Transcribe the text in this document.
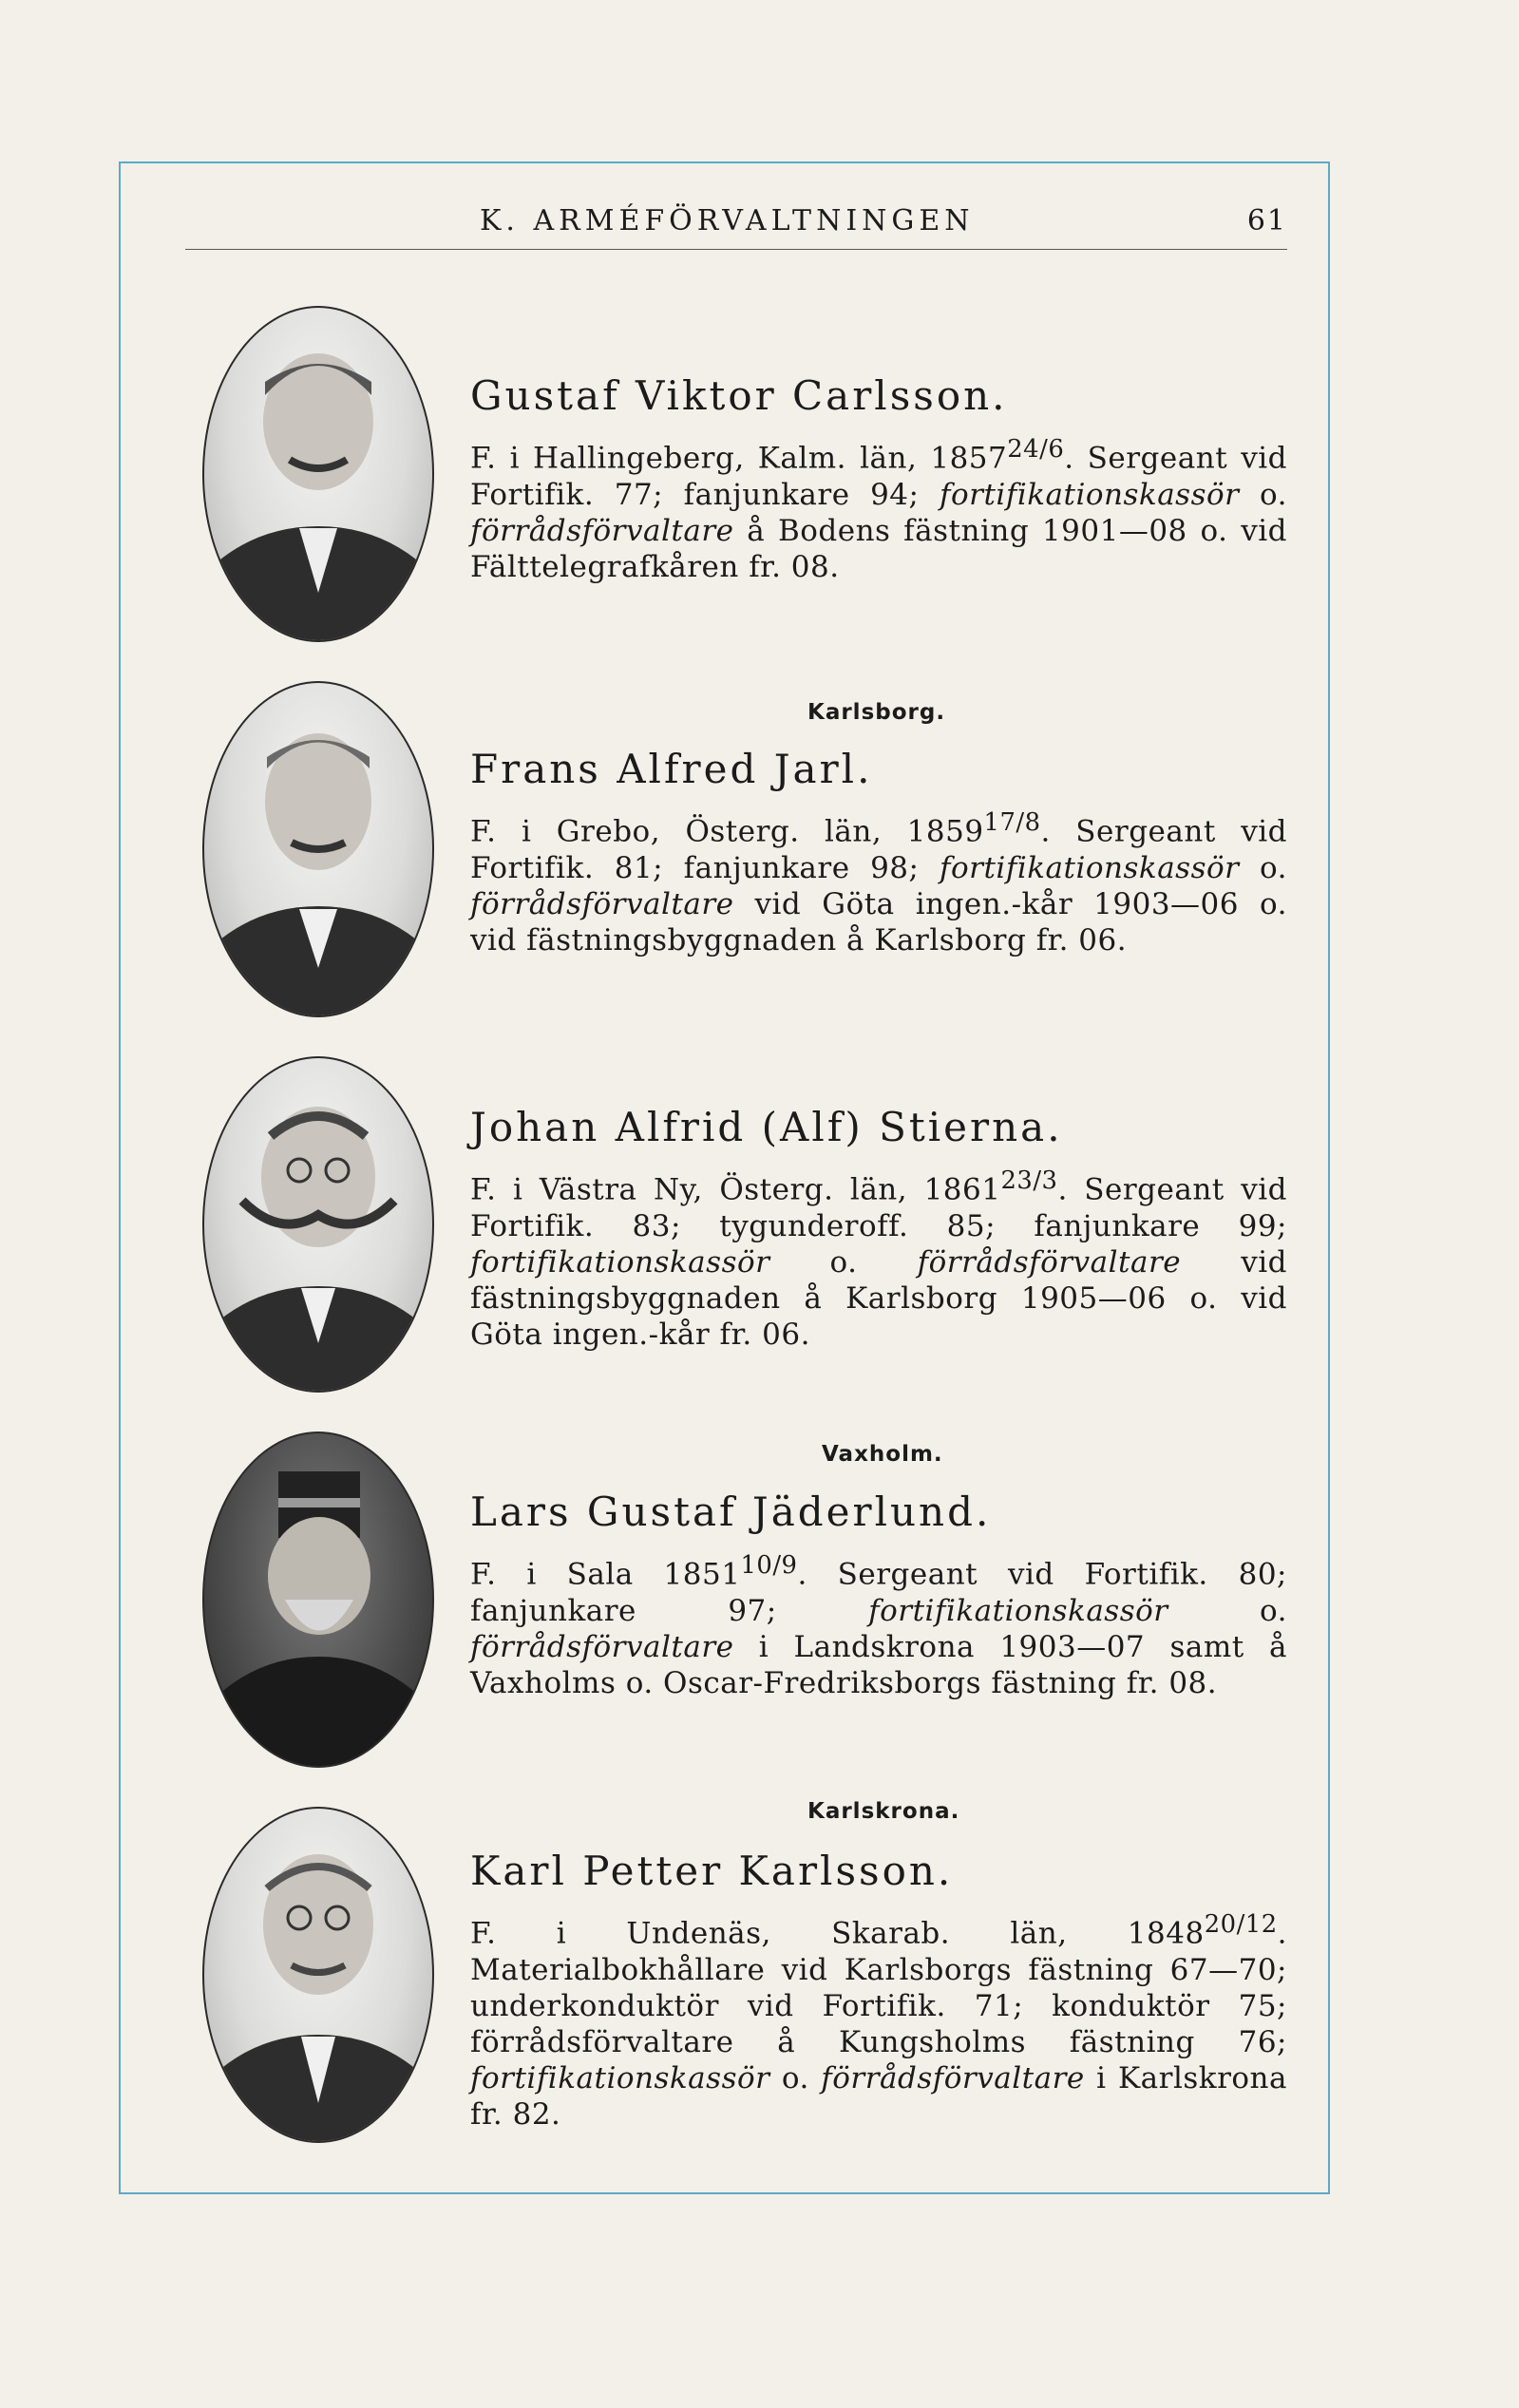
K. ARMÉFÖRVALTNINGEN	61
Karlsborg.
Vaxholm.
Karlskrona.
Gustaf Viktor Carlsson.
F. i Hallingeberg, Kalm. län, $1857^{24/6}$. Sergeant vid Fortifik. 77; fanjunkare 94; fortifikationskassör o. förrådsförvaltare å Bodens fästning 1901—08 o. vid Fälttelegrafkåren fr. 08.
Frans Alfred Jarl.
F. i Grebo, Österg. län, $1859^{17/8}$. Sergeant vid Fortifik. 81; fanjunkare 98; fortifikationskassör o. förrådsförvaltare vid Göta ingen.-kår 1903—06 o. vid fästningsbyggnaden å Karlsborg fr. 06.
Johan Alfrid (Alf) Stierna.
F. i Västra Ny, Österg. län, $1861^{23/3}$. Sergeant vid Fortifik. 83; tygunderoff. 85; fanjunkare 99; fortifikationskassör o. förrådsförvaltare vid fästningsbyggnaden å Karlsborg 1905—06 o. vid Göta ingen.-kår fr. 06.
Lars Gustaf Jäderlund.
F. i Sala $1851^{10/9}$. Sergeant vid Fortifik. 80; fanjunkare 97; fortifikationskassör o. förrådsförvaltare i Landskrona 1903—07 samt å Vaxholms o. Oscar-Fredriksborgs fästning fr. 08.
Karl Petter Karlsson.
F. i Undenäs, Skarab. län, $1848^{20/12}$. Materialbokhållare vid Karlsborgs fästning 67—70; underkonduktör vid Fortifik. 71; konduktör 75; förrådsförvaltare å Kungsholms fästning 76; fortifikationskassör o. förrådsförvaltare i Karlskrona fr. 82.
